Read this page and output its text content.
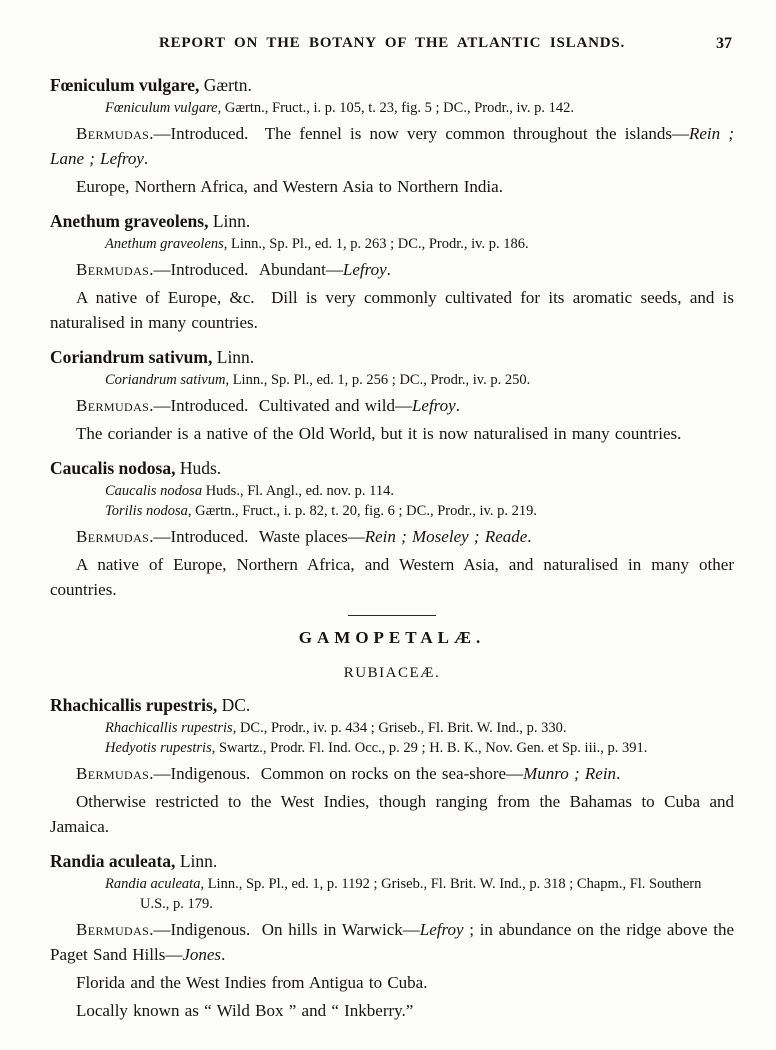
REPORT ON THE BOTANY OF THE ATLANTIC ISLANDS.	37
Fœniculum vulgare, Gærtn.

Fœniculum vulgare, Gærtn., Fruct., i. p. 105, t. 23, fig. 5 ; DC., Prodr., iv. p. 142.

Bermudas.—Introduced.  The fennel is now very common throughout the islands—Rein ; Lane ; Lefroy.

Europe, Northern Africa, and Western Asia to Northern India.

Anethum graveolens, Linn.

Anethum graveolens, Linn., Sp. Pl., ed. 1, p. 263 ; DC., Prodr., iv. p. 186.

Bermudas.—Introduced.  Abundant—Lefroy.

A native of Europe, &c.  Dill is very commonly cultivated for its aromatic seeds, and is naturalised in many countries.

Coriandrum sativum, Linn.

Coriandrum sativum, Linn., Sp. Pl., ed. 1, p. 256 ; DC., Prodr., iv. p. 250.

Bermudas.—Introduced.  Cultivated and wild—Lefroy.

The coriander is a native of the Old World, but it is now naturalised in many countries.

Caucalis nodosa, Huds.

Caucalis nodosa Huds., Fl. Angl., ed. nov. p. 114.

Torilis nodosa, Gærtn., Fruct., i. p. 82, t. 20, fig. 6 ; DC., Prodr., iv. p. 219.

Bermudas.—Introduced.  Waste places—Rein ; Moseley ; Reade.

A native of Europe, Northern Africa, and Western Asia, and naturalised in many other countries.

GAMOPETALÆ.
RUBIACEÆ.
Rhachicallis rupestris, DC.

Rhachicallis rupestris, DC., Prodr., iv. p. 434 ; Griseb., Fl. Brit. W. Ind., p. 330.

Hedyotis rupestris, Swartz., Prodr. Fl. Ind. Occ., p. 29 ; H. B. K., Nov. Gen. et Sp. iii., p. 391.

Bermudas.—Indigenous.  Common on rocks on the sea-shore—Munro ; Rein.

Otherwise restricted to the West Indies, though ranging from the Bahamas to Cuba and Jamaica.

Randia aculeata, Linn.

Randia aculeata, Linn., Sp. Pl., ed. 1, p. 1192 ; Griseb., Fl. Brit. W. Ind., p. 318 ; Chapm., Fl. Southern U.S., p. 179.

Bermudas.—Indigenous.  On hills in Warwick—Lefroy ; in abundance on the ridge above the Paget Sand Hills—Jones.

Florida and the West Indies from Antigua to Cuba.

Locally known as “ Wild Box ” and “ Inkberry.”
